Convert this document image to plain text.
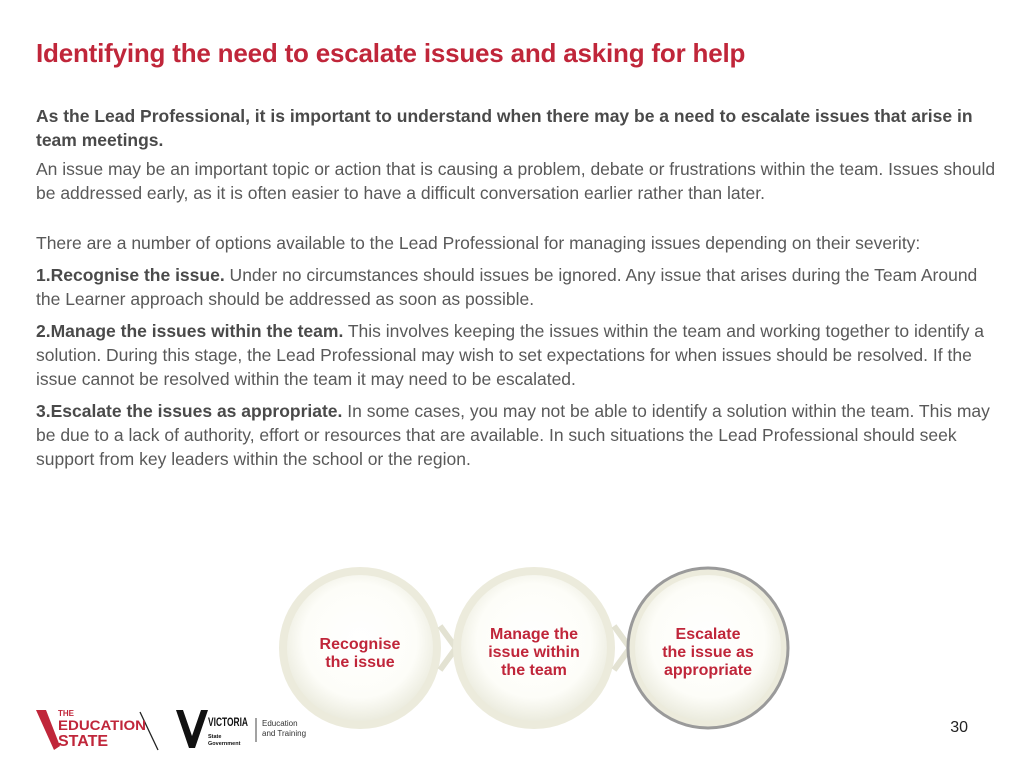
Identifying the need to escalate issues and asking for help

As the Lead Professional, it is important to understand when there may be a need to escalate issues that arise in team meetings.

An issue may be an important topic or action that is causing a problem, debate or frustrations within the team. Issues should be addressed early, as it is often easier to have a difficult conversation earlier rather than later.

There are a number of options available to the Lead Professional for managing issues depending on their severity:

1.Recognise the issue. Under no circumstances should issues be ignored. Any issue that arises during the Team Around the Learner approach should be addressed as soon as possible.

2.Manage the issues within the team. This involves keeping the issues within the team and working together to identify a solution. During this stage, the Lead Professional may wish to set expectations for when issues should be resolved. If the issue cannot be resolved within the team it may need to be escalated.

3.Escalate the issues as appropriate. In some cases, you may not be able to identify a solution within the team. This may be due to a lack of authority, effort or resources that are available. In such situations the Lead Professional should seek support from key leaders within the school or the region.

Recognise
the issue
Manage the
issue within
the team
Escalate
the issue as
appropriate
THE
EDUCATION
STATE
VICTORIA
State
Government
Education
and Training	30
